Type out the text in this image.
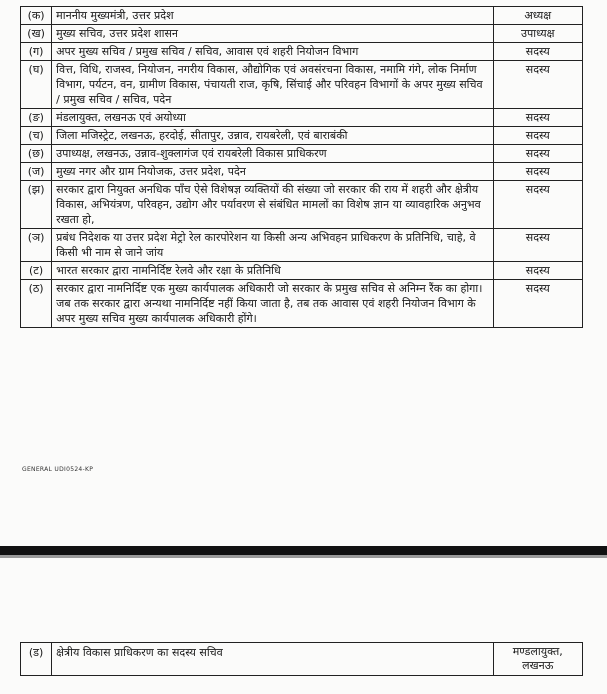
(क)	माननीय मुख्यमंत्री, उत्तर प्रदेश	अध्यक्ष
(ख)	मुख्य सचिव, उत्तर प्रदेश शासन	उपाध्यक्ष
(ग)	अपर मुख्य सचिव / प्रमुख सचिव / सचिव, आवास एवं शहरी नियोजन विभाग	सदस्य
(घ)	वित्त, विधि, राजस्व, नियोजन, नगरीय विकास, औद्योगिक एवं अवसंरचना विकास, नमामि गंगे, लोक निर्माण विभाग, पर्यटन, वन, ग्रामीण विकास, पंचायती राज, कृषि, सिंचाई और परिवहन विभागों के अपर मुख्य सचिव / प्रमुख सचिव / सचिव, पदेन	सदस्य
(ङ)	मंडलायुक्त, लखनऊ एवं अयोध्या	सदस्य
(च)	जिला मजिस्ट्रेट, लखनऊ, हरदोई, सीतापुर, उन्नाव, रायबरेली, एवं बाराबंकी	सदस्य
(छ)	उपाध्यक्ष, लखनऊ, उन्नाव-शुक्लागंज एवं रायबरेली विकास प्राधिकरण	सदस्य
(ज)	मुख्य नगर और ग्राम नियोजक, उत्तर प्रदेश, पदेन	सदस्य
(झ)	सरकार द्वारा नियुक्त अनधिक पाँच ऐसे विशेषज्ञ व्यक्तियों की संख्या जो सरकार की राय में शहरी और क्षेत्रीय विकास, अभियंत्रण, परिवहन, उद्योग और पर्यावरण से संबंधित मामलों का विशेष ज्ञान या व्यावहारिक अनुभव रखता हो,	सदस्य
(ञ)	प्रबंध निदेशक या उत्तर प्रदेश मेट्रो रेल कारपोरेशन या किसी अन्य अभिवहन प्राधिकरण के प्रतिनिधि, चाहे, वे किसी भी नाम से जाने जांय	सदस्य
(ट)	भारत सरकार द्वारा नामनिर्दिष्ट रेलवे और रक्षा के प्रतिनिधि	सदस्य
(ठ)	सरकार द्वारा नामनिर्दिष्ट एक मुख्य कार्यपालक अधिकारी जो सरकार के प्रमुख सचिव से अनिम्न रैंक का होगा। जब तक सरकार द्वारा अन्यथा नामनिर्दिष्ट नहीं किया जाता है, तब तक आवास एवं शहरी नियोजन विभाग के अपर मुख्य सचिव मुख्य कार्यपालक अधिकारी होंगे।	सदस्य
GENERAL UDI0524-KP
(ड)	क्षेत्रीय विकास प्राधिकरण का सदस्य सचिव	मण्डलायुक्त,
लखनऊ
